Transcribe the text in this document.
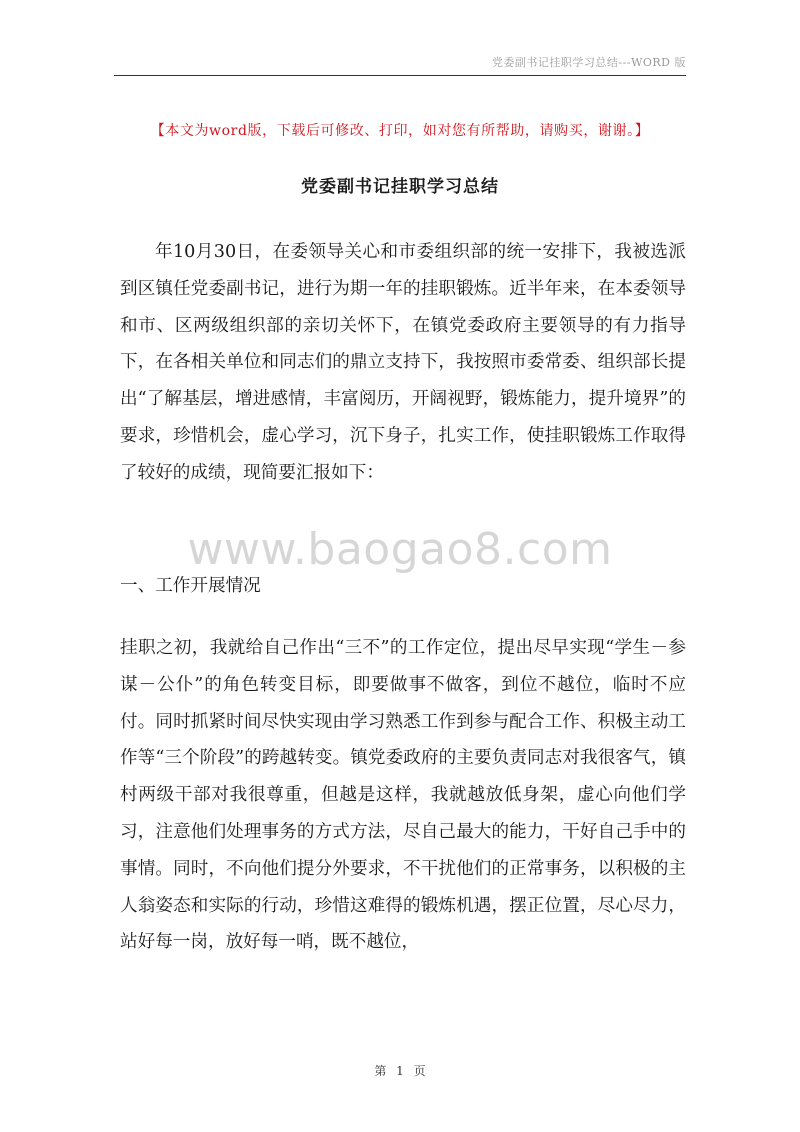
党委副书记挂职学习总结---WORD 版
【本文为word版，下载后可修改、打印，如对您有所帮助，请购买，谢谢。】
党委副书记挂职学习总结

年10月30日，在委领导关心和市委组织部的统一安排下，我被选派到区镇任党委副书记，进行为期一年的挂职锻炼。近半年来，在本委领导和市、区两级组织部的亲切关怀下，在镇党委政府主要领导的有力指导下，在各相关单位和同志们的鼎立支持下，我按照市委常委、组织部长提出“了解基层，增进感情，丰富阅历，开阔视野，锻炼能力，提升境界”的要求，珍惜机会，虚心学习，沉下身子，扎实工作，使挂职锻炼工作取得了较好的成绩，现简要汇报如下：

www.baogao8.com
一、工作开展情况

挂职之初，我就给自己作出“三不”的工作定位，提出尽早实现“学生－参谋－公仆”的角色转变目标，即要做事不做客，到位不越位，临时不应付。同时抓紧时间尽快实现由学习熟悉工作到参与配合工作、积极主动工作等“三个阶段”的跨越转变。镇党委政府的主要负责同志对我很客气，镇村两级干部对我很尊重，但越是这样，我就越放低身架，虚心向他们学习，注意他们处理事务的方式方法，尽自己最大的能力，干好自己手中的事情。同时，不向他们提分外要求，不干扰他们的正常事务，以积极的主人翁姿态和实际的行动，珍惜这难得的锻炼机遇，摆正位置，尽心尽力，站好每一岗，放好每一哨，既不越位，

第 1 页
